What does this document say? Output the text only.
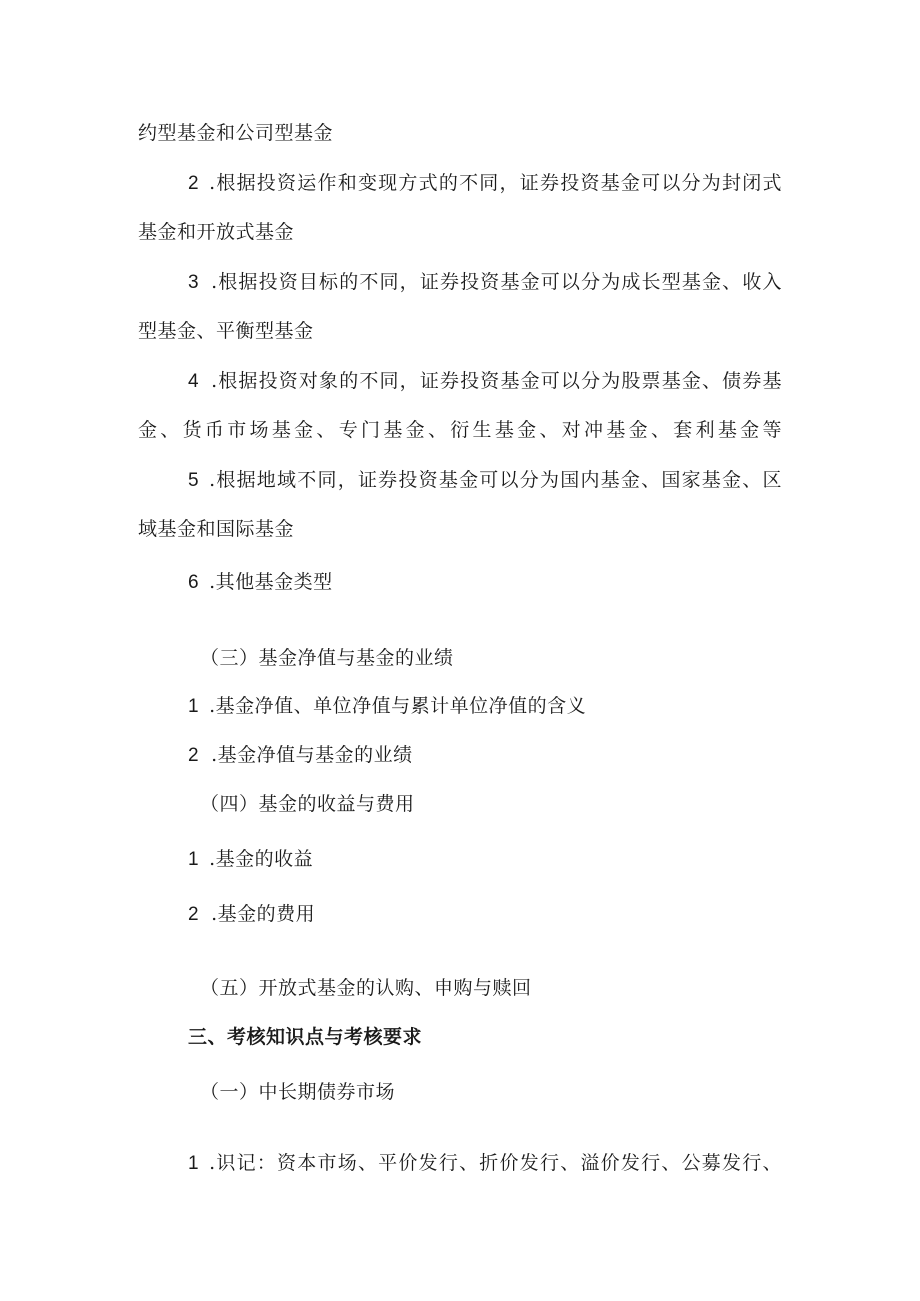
约型基金和公司型基金
2 .根据投资运作和变现方式的不同，证券投资基金可以分为封闭式
基金和开放式基金
3 .根据投资目标的不同，证券投资基金可以分为成长型基金、收入
型基金、平衡型基金
4 .根据投资对象的不同，证券投资基金可以分为股票基金、债券基
金、货币市场基金、专门基金、衍生基金、对冲基金、套利基金等
5 .根据地域不同，证券投资基金可以分为国内基金、国家基金、区
域基金和国际基金
6 .其他基金类型
（三）基金净值与基金的业绩
1 .基金净值、单位净值与累计单位净值的含义
2 .基金净值与基金的业绩
（四）基金的收益与费用
1 .基金的收益
2 .基金的费用
（五）开放式基金的认购、申购与赎回
三、考核知识点与考核要求
（一）中长期债券市场
1 .识记：资本市场、平价发行、折价发行、溢价发行、公募发行、
